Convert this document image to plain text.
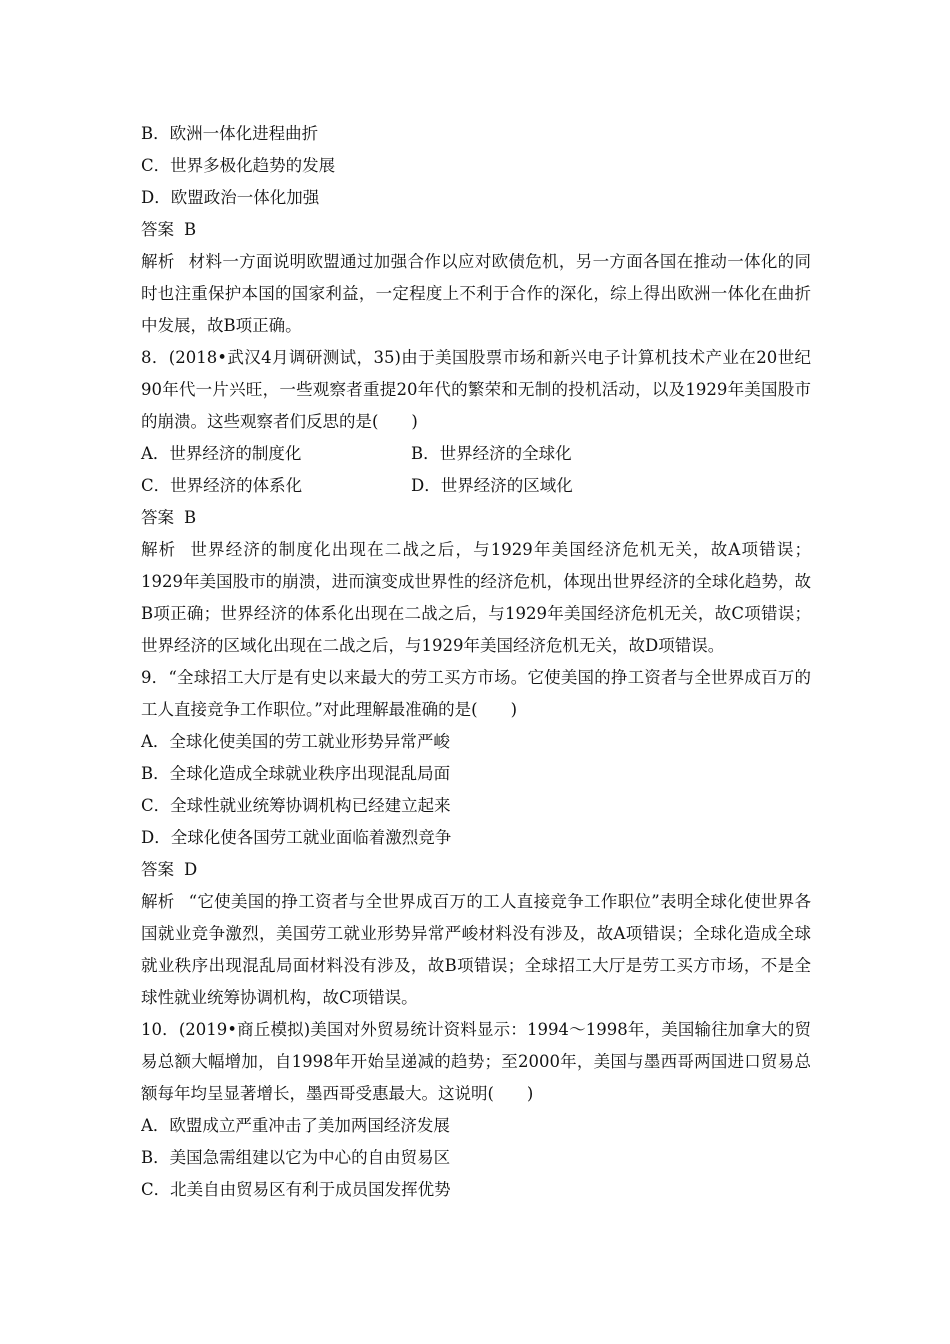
B．欧洲一体化进程曲折
C．世界多极化趋势的发展
D．欧盟政治一体化加强
答案 B
解析 材料一方面说明欧盟通过加强合作以应对欧债危机，另一方面各国在推动一体化的同时也注重保护本国的国家利益，一定程度上不利于合作的深化，综上得出欧洲一体化在曲折中发展，故B项正确。
8．(2018•武汉4月调研测试，35)由于美国股票市场和新兴电子计算机技术产业在20世纪90年代一片兴旺，一些观察者重提20年代的繁荣和无制的投机活动，以及1929年美国股市的崩溃。这些观察者们反思的是(　　)
A．世界经济的制度化	B．世界经济的全球化
C．世界经济的体系化	D．世界经济的区域化
答案 B
解析 世界经济的制度化出现在二战之后，与1929年美国经济危机无关，故A项错误；1929年美国股市的崩溃，进而演变成世界性的经济危机，体现出世界经济的全球化趋势，故B项正确；世界经济的体系化出现在二战之后，与1929年美国经济危机无关，故C项错误；世界经济的区域化出现在二战之后，与1929年美国经济危机无关，故D项错误。
9．“全球招工大厅是有史以来最大的劳工买方市场。它使美国的挣工资者与全世界成百万的工人直接竞争工作职位。”对此理解最准确的是(　　)
A．全球化使美国的劳工就业形势异常严峻
B．全球化造成全球就业秩序出现混乱局面
C．全球性就业统筹协调机构已经建立起来
D．全球化使各国劳工就业面临着激烈竞争
答案 D
解析 “它使美国的挣工资者与全世界成百万的工人直接竞争工作职位”表明全球化使世界各国就业竞争激烈，美国劳工就业形势异常严峻材料没有涉及，故A项错误；全球化造成全球就业秩序出现混乱局面材料没有涉及，故B项错误；全球招工大厅是劳工买方市场，不是全球性就业统筹协调机构，故C项错误。
10．(2019•商丘模拟)美国对外贸易统计资料显示：1994～1998年，美国输往加拿大的贸易总额大幅增加，自1998年开始呈递减的趋势；至2000年，美国与墨西哥两国进口贸易总额每年均呈显著增长，墨西哥受惠最大。这说明(　　)
A．欧盟成立严重冲击了美加两国经济发展
B．美国急需组建以它为中心的自由贸易区
C．北美自由贸易区有利于成员国发挥优势
